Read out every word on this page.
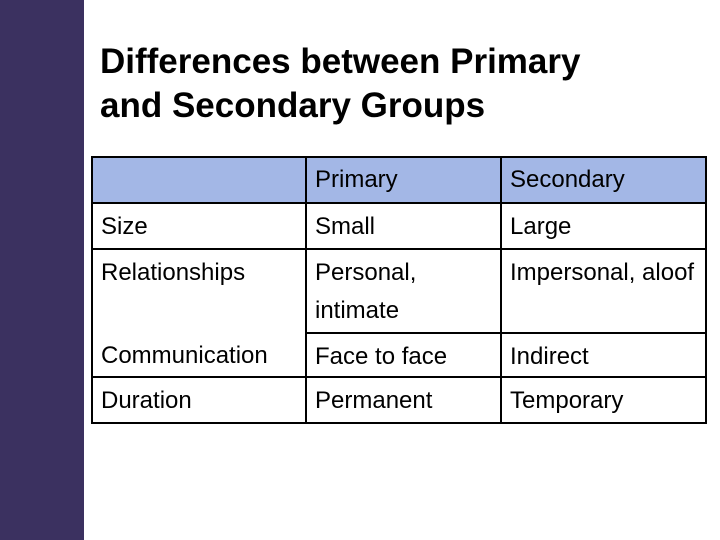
Differences between Primary
and Secondary Groups
	Primary	Secondary
Size	Small	Large
Relationships	Personal, intimate	Impersonal, aloof
Communication	Face to face	Indirect
Duration	Permanent	Temporary
